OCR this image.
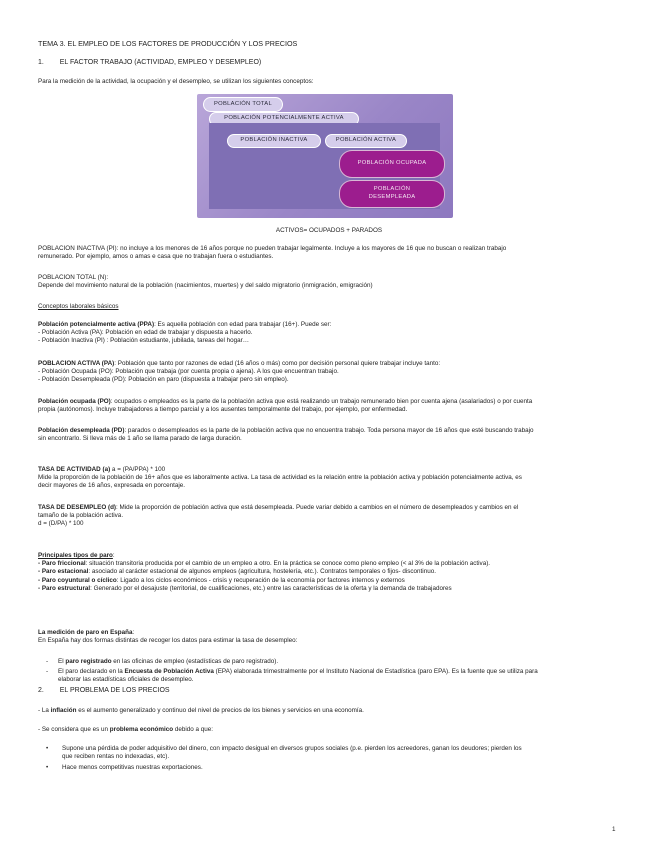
TEMA 3. EL EMPLEO DE LOS FACTORES DE PRODUCCIÓN Y LOS PRECIOS
1. EL FACTOR TRABAJO (ACTIVIDAD, EMPLEO Y DESEMPLEO)
Para la medición de la actividad, la ocupación y el desempleo, se utilizan los siguientes conceptos:
POBLACIÓN TOTAL
POBLACIÓN POTENCIALMENTE ACTIVA
POBLACIÓN INACTIVA	POBLACIÓN ACTIVA
POBLACIÓN OCUPADA
POBLACIÓN
DESEMPLEADA
ACTIVOS= OCUPADOS + PARADOS
POBLACION INACTIVA (PI): no incluye a los menores de 16 años porque no pueden trabajar legalmente. Incluye a los mayores de 16 que no buscan o realizan trabajo
remunerado. Por ejemplo, amos o amas e casa que no trabajan fuera o estudiantes.
POBLACION TOTAL (N):
Depende del movimiento natural de la población (nacimientos, muertes) y del saldo migratorio (inmigración, emigración)
Conceptos laborales básicos
Población potencialmente activa (PPA): Es aquella población con edad para trabajar (16+). Puede ser:
- Población Activa (PA): Población en edad de trabajar y dispuesta a hacerlo.
- Población Inactiva (PI) : Población estudiante, jubilada, tareas del hogar…
POBLACION ACTIVA (PA): Población que tanto por razones de edad (16 años o más) como por decisión personal quiere trabajar incluye tanto:
- Población Ocupada (PO): Población que trabaja (por cuenta propia o ajena). A los que encuentran trabajo.
- Población Desempleada (PD): Población en paro (dispuesta a trabajar pero sin empleo).
Población ocupada (PO): ocupados o empleados es la parte de la población activa que está realizando un trabajo remunerado bien por cuenta ajena (asalariados) o por cuenta
propia (autónomos). Incluye trabajadores a tiempo parcial y a los ausentes temporalmente del trabajo, por ejemplo, por enfermedad.
Población desempleada (PD): parados o desempleados es la parte de la población activa que no encuentra trabajo. Toda persona mayor de 16 años que esté buscando trabajo
sin encontrarlo. Si lleva más de 1 año se llama parado de larga duración.
TASA DE ACTIVIDAD (a) a = (PA/PPA) * 100
Mide la proporción de la población de 16+ años que es laboralmente activa. La tasa de actividad es la relación entre la población activa y población potencialmente activa, es
decir mayores de 16 años, expresada en porcentaje.
TASA DE DESEMPLEO (d): Mide la proporción de población activa que está desempleada. Puede variar debido a cambios en el número de desempleados y cambios en el
tamaño de la población activa.
d = (D/PA) * 100
Principales tipos de paro:
- Paro friccional: situación transitoria producida por el cambio de un empleo a otro. En la práctica se conoce como pleno empleo (< al 3% de la población activa).
- Paro estacional: asociado al carácter estacional de algunos empleos (agricultura, hostelería, etc.). Contratos temporales o fijos- discontinuo.
- Paro coyuntural o cíclico: Ligado a los ciclos económicos - crisis y recuperación de la economía por factores internos y externos
- Paro estructural: Generado por el desajuste (territorial, de cualificaciones, etc.) entre las características de la oferta y la demanda de trabajadores
La medición de paro en España:
En España hay dos formas distintas de recoger los datos para estimar la tasa de desempleo:
-	El paro registrado en las oficinas de empleo (estadísticas de paro registrado).
-	El paro declarado en la Encuesta de Población Activa (EPA) elaborada trimestralmente por el Instituto Nacional de Estadística (paro EPA). Es la fuente que se utiliza para
elaborar las estadísticas oficiales de desempleo.
2. EL PROBLEMA DE LOS PRECIOS
- La inflación es el aumento generalizado y continuo del nivel de precios de los bienes y servicios en una economía.
- Se considera que es un problema económico debido a que:
•	Supone una pérdida de poder adquisitivo del dinero, con impacto desigual en diversos grupos sociales (p.e. pierden los acreedores, ganan los deudores; pierden los
que reciben rentas no indexadas, etc).
•	Hace menos competitivas nuestras exportaciones.
1
